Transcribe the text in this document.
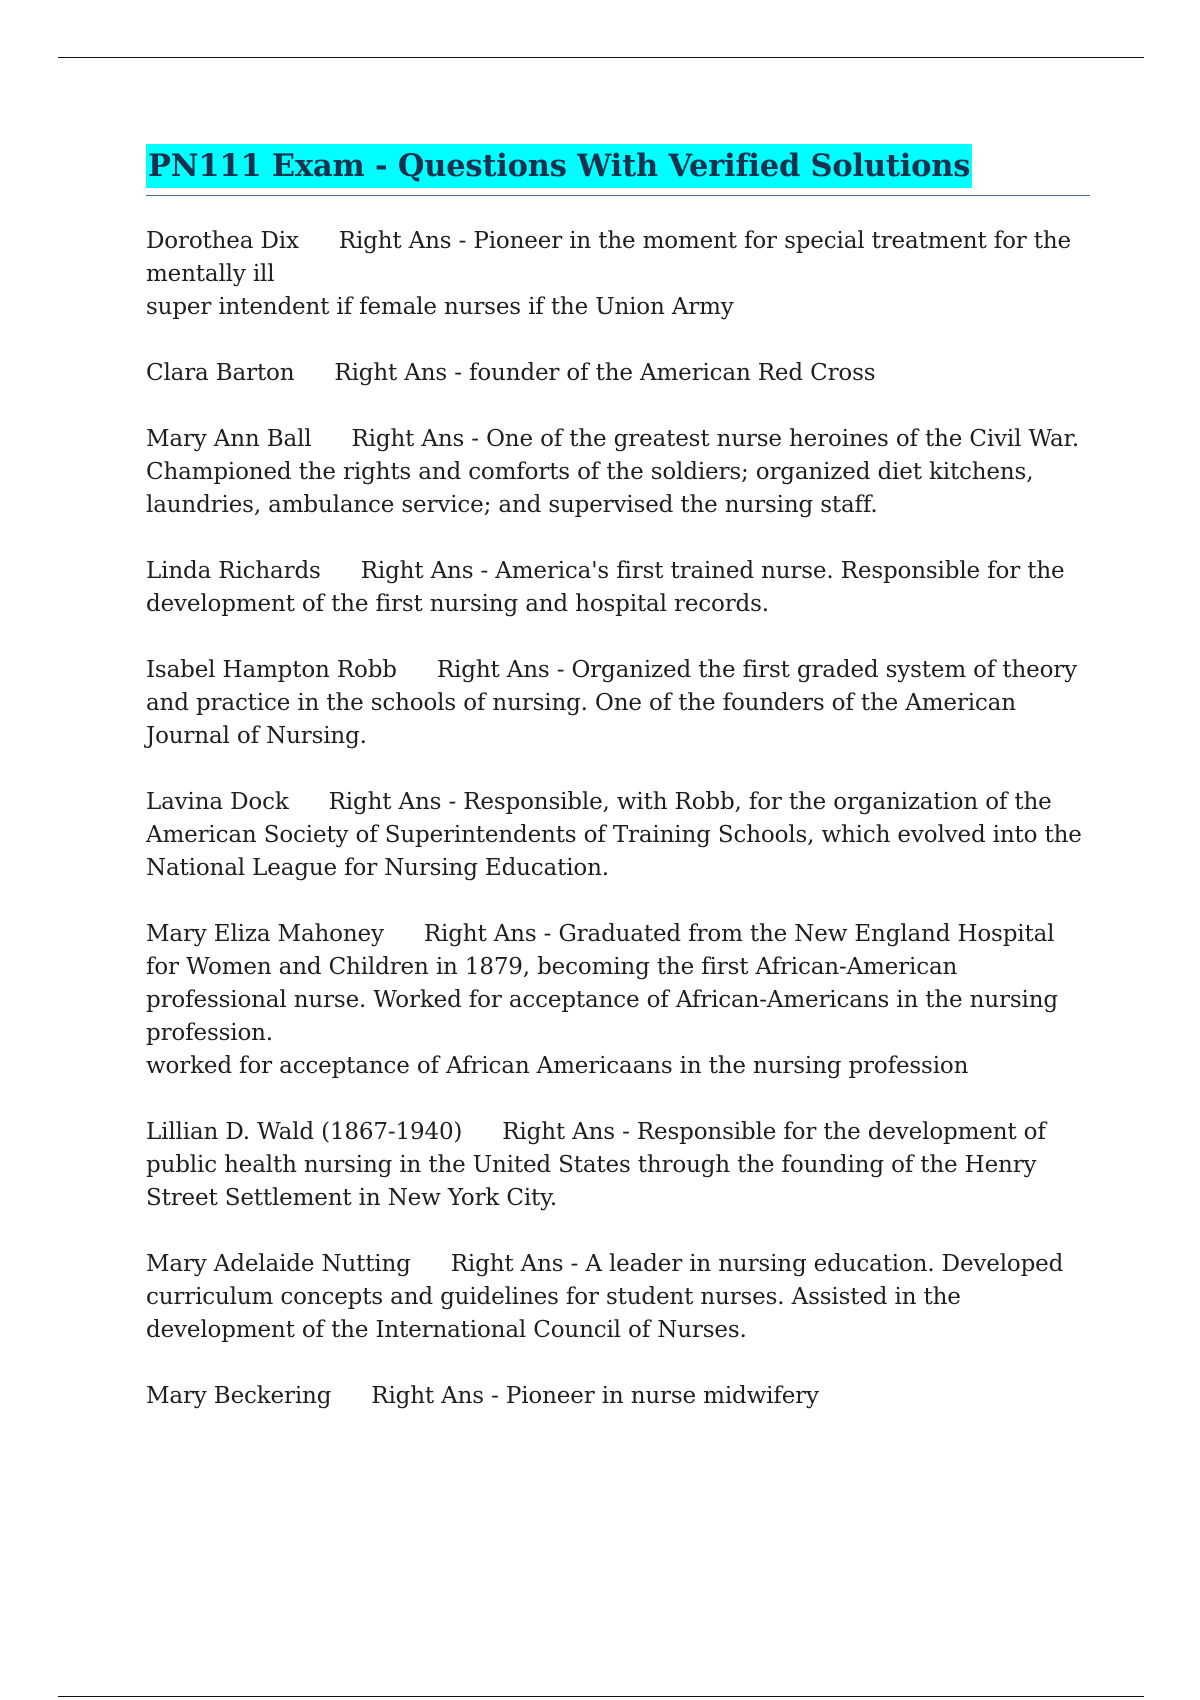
PN111 Exam - Questions With Verified Solutions

Dorothea Dix Right Ans - Pioneer in the moment for special treatment for the mentally ill
super intendent if female nurses if the Union Army

Clara Barton Right Ans - founder of the American Red Cross

Mary Ann Ball Right Ans - One of the greatest nurse heroines of the Civil War. Championed the rights and comforts of the soldiers; organized diet kitchens, laundries, ambulance service; and supervised the nursing staff.

Linda Richards Right Ans - America's first trained nurse. Responsible for the development of the first nursing and hospital records.

Isabel Hampton Robb Right Ans - Organized the first graded system of theory and practice in the schools of nursing. One of the founders of the American Journal of Nursing.

Lavina Dock Right Ans - Responsible, with Robb, for the organization of the American Society of Superintendents of Training Schools, which evolved into the National League for Nursing Education.

Mary Eliza Mahoney Right Ans - Graduated from the New England Hospital for Women and Children in 1879, becoming the first African-American professional nurse. Worked for acceptance of African-Americans in the nursing profession.
worked for acceptance of African Americaans in the nursing profession

Lillian D. Wald (1867-1940) Right Ans - Responsible for the development of public health nursing in the United States through the founding of the Henry Street Settlement in New York City.

Mary Adelaide Nutting Right Ans - A leader in nursing education. Developed curriculum concepts and guidelines for student nurses. Assisted in the development of the International Council of Nurses.

Mary Beckering Right Ans - Pioneer in nurse midwifery
